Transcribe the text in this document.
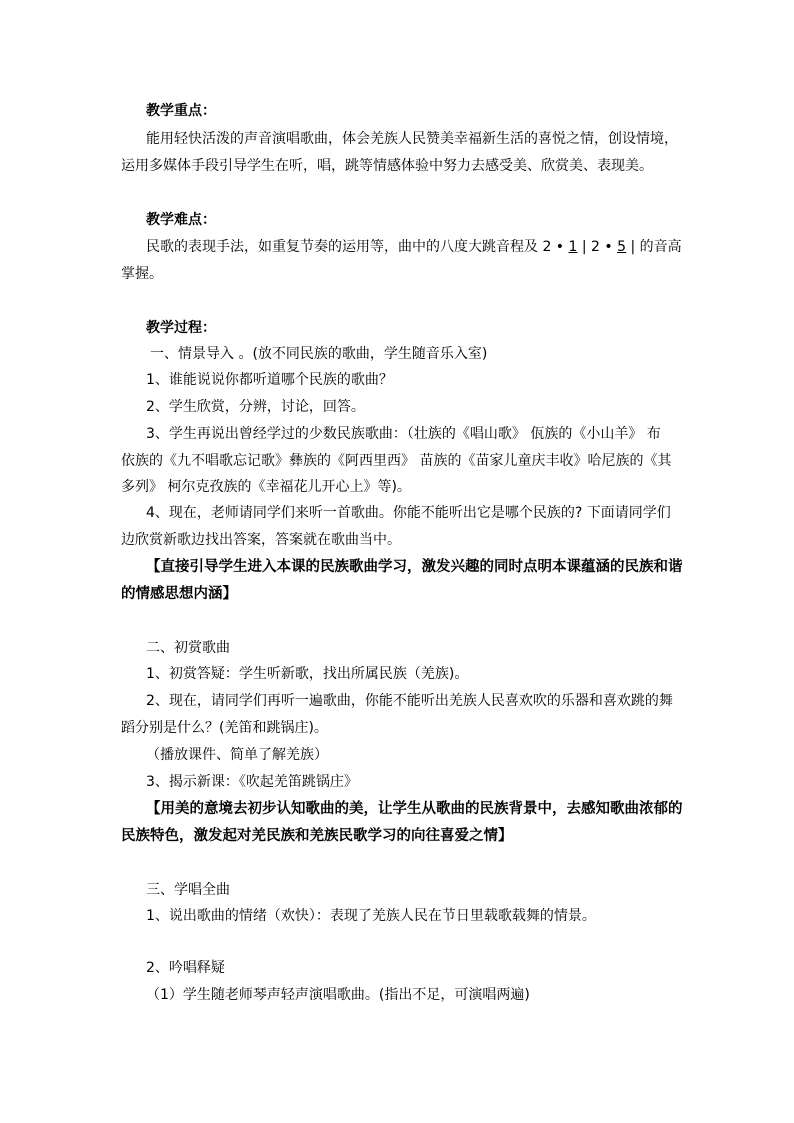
教学重点：
能用轻快活泼的声音演唱歌曲，体会羌族人民赞美幸福新生活的喜悦之情，创设情境，
运用多媒体手段引导学生在听，唱，跳等情感体验中努力去感受美、欣赏美、表现美。
教学难点：
民歌的表现手法，如重复节奏的运用等，曲中的八度大跳音程及 2 • 1 | 2 • 5 | 的音高
掌握。
教学过程：
一、情景导入 。(放不同民族的歌曲，学生随音乐入室)
1、谁能说说你都听道哪个民族的歌曲？
2、学生欣赏，分辨，讨论，回答。
3、学生再说出曾经学过的少数民族歌曲：（壮族的《唱山歌》 佤族的《小山羊》 布
依族的《九不唱歌忘记歌》彝族的《阿西里西》 苗族的《苗家儿童庆丰收》哈尼族的《其
多列》 柯尔克孜族的《幸福花儿开心上》等)。
4、现在，老师请同学们来听一首歌曲。你能不能听出它是哪个民族的? 下面请同学们
边欣赏新歌边找出答案，答案就在歌曲当中。
【直接引导学生进入本课的民族歌曲学习，激发兴趣的同时点明本课蕴涵的民族和谐
的情感思想内涵】
二、初赏歌曲
1、初赏答疑：学生听新歌，找出所属民族（羌族)。
2、现在，请同学们再听一遍歌曲，你能不能听出羌族人民喜欢吹的乐器和喜欢跳的舞
蹈分别是什么？(羌笛和跳锅庄)。
（播放课件、简单了解羌族）
3、揭示新课：《吹起羌笛跳锅庄》
【用美的意境去初步认知歌曲的美，让学生从歌曲的民族背景中，去感知歌曲浓郁的
民族特色，激发起对羌民族和羌族民歌学习的向往喜爱之情】
三、学唱全曲
1、说出歌曲的情绪（欢快）：表现了羌族人民在节日里载歌载舞的情景。
2、吟唱释疑
（1）学生随老师琴声轻声演唱歌曲。(指出不足，可演唱两遍)
